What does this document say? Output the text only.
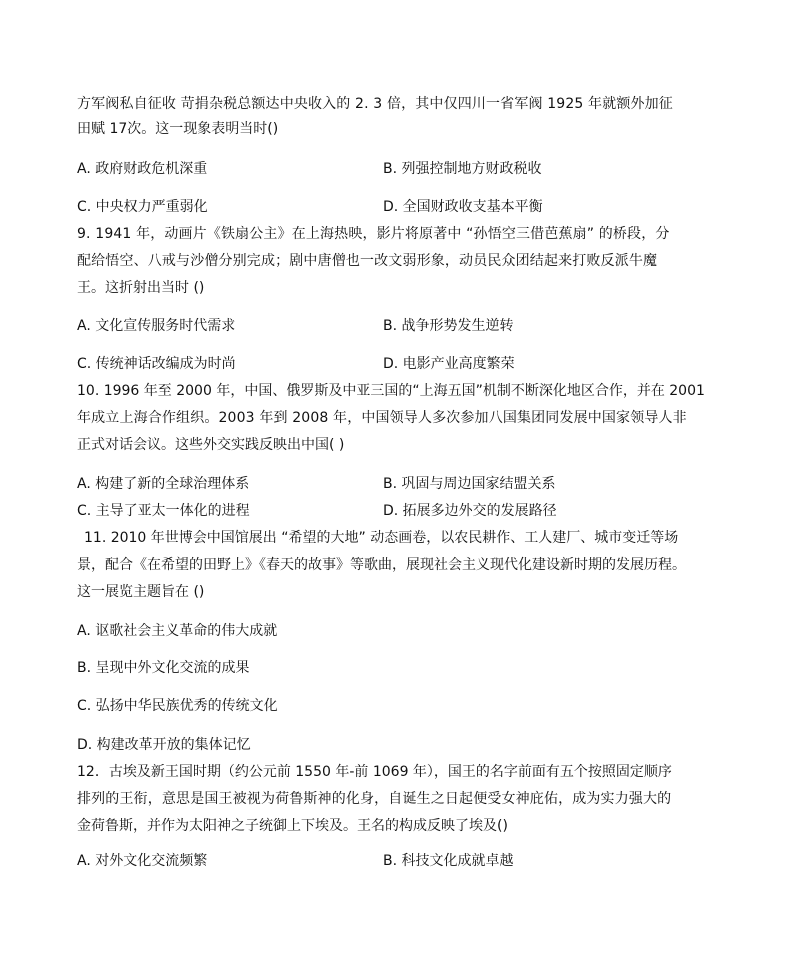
方军阀私自征收 苛捐杂税总额达中央收入的 2. 3 倍，其中仅四川一省军阀 1925 年就额外加征
田赋 17次。这一现象表明当时()
A. 政府财政危机深重	B. 列强控制地方财政税收
C. 中央权力严重弱化	D. 全国财政收支基本平衡
9. 1941 年，动画片《铁扇公主》在上海热映，影片将原著中 “孙悟空三借芭蕉扇” 的桥段，分
配给悟空、八戒与沙僧分别完成；剧中唐僧也一改文弱形象，动员民众团结起来打败反派牛魔
王。这折射出当时 ()
A. 文化宣传服务时代需求	B. 战争形势发生逆转
C. 传统神话改编成为时尚	D. 电影产业高度繁荣
10. 1996 年至 2000 年，中国、俄罗斯及中亚三国的“上海五国”机制不断深化地区合作，并在 2001
年成立上海合作组织。2003 年到 2008 年，中国领导人多次参加八国集团同发展中国家领导人非
正式对话会议。这些外交实践反映出中国( )
A. 构建了新的全球治理体系	B. 巩固与周边国家结盟关系
C. 主导了亚太一体化的进程	D. 拓展多边外交的发展路径
11. 2010 年世博会中国馆展出 “希望的大地” 动态画卷，以农民耕作、工人建厂、城市变迁等场
景，配合《在希望的田野上》《春天的故事》等歌曲，展现社会主义现代化建设新时期的发展历程。
这一展览主题旨在 ()
A. 讴歌社会主义革命的伟大成就
B. 呈现中外文化交流的成果
C. 弘扬中华民族优秀的传统文化
D. 构建改革开放的集体记忆
12．古埃及新王国时期（约公元前 1550 年-前 1069 年），国王的名字前面有五个按照固定顺序
排列的王衔，意思是国王被视为荷鲁斯神的化身，自诞生之日起便受女神庇佑，成为实力强大的
金荷鲁斯，并作为太阳神之子统御上下埃及。王名的构成反映了埃及()
A. 对外文化交流频繁	B. 科技文化成就卓越
